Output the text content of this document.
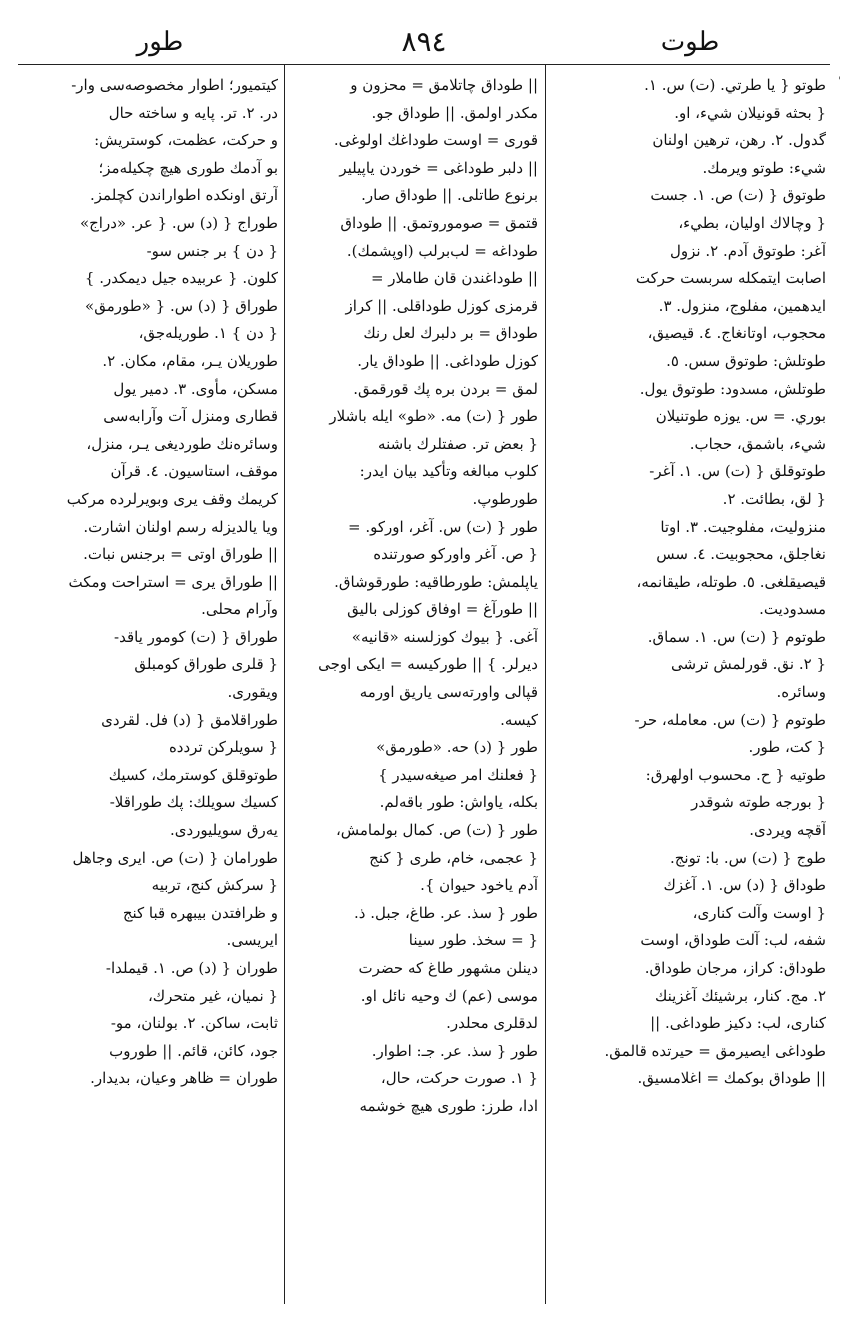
طور	٨٩٤	طوت
'
طوتو { يا طرتي. (ت) س. ١.
{ بحثه قونيلان شيء، او.
گدول. ٢. رهن، ترهين اولنان
شيء: طوتو ويرمك.
طوتوق { (ت) ص. ١. جست
{ وچالاك اوليان، بطيء،
آغر: طوتوق آدم. ٢. نزول
اصابت ايتمكله سربست حركت
ايدهمين، مفلوج، منزول. ٣.
محجوب، اوتانغاج. ٤. قيصيق،
طوتلش: طوتوق سس. ٥.
طوتلش، مسدود: طوتوق يول.
بوري. = س. يوزه طوتنيلان
شيء، باشمق، حجاب.
طوتوقلق { (ت) س. ١. آغر-
{ لق، بطائت. ٢.
منزوليت، مفلوجيت. ٣. اوتا
نغاجلق، محجوبيت. ٤. سس
قيصيقلغى. ٥. طوتله، طيقانمه،
مسدوديت.
طوتوم { (ت) س. ١. سماق.
{ ٢. نق. قورلمش ترشى
وسائره.
طوتوم { (ت) س. معامله، حر-
{ كت، طور.
طوتيه { ح. محسوب اولهرق:
{ بورجه طوته شوقدر
آقچه ويردى.
طوج { (ت) س. با: تونج.
طوداق { (د) س. ١. آغزك
{ اوست وآلت كنارى،
شفه، لب: آلت طوداق، اوست
طوداق: كراز، مرجان طوداق.
٢. مج. كنار، برشيئك آغزينك
كنارى، لب: دكيز طوداغى. ||
طوداغى ايصيرمق = حيرتده قالمق.
|| طوداق بوكمك = اغلامسيق.
|| طوداق چاتلامق = محزون و
مكدر اولمق. || طوداق جو.
قوری = اوست طوداغك اولوغى.
|| دلبر طوداغى = خوردن ياپيلير
برنوع طاتلى. || طوداق صار.
قتمق = صوموروتمق. || طوداق
طوداغه = لب‌برلب (اوپشمك).
|| طوداغندن قان طاملار =
قرمزى كوزل طوداقلى. || كراز
طوداق = بر دلبرك لعل رنك
كوزل طوداغى. || طوداق يار.
لمق = بردن بره پك قورقمق.
طور { (ت) مه. «طو» ايله باشلار
{ بعض تر. صفتلرك باشنه
كلوب مبالغه وتأكيد بيان ايدر:
طورطوپ.
طور { (ت) س. آغر، اوركو. =
{ ص. آغر واوركو صورتنده
ياپلمش: طورطاقيه: طورقوشاق.
|| طورآغ = اوفاق كوزلى باليق
آغى. { بيوك كوزلسنه «قانيه»
ديرلر. } || طوركيسه = ايكى اوجى
قپالى واورته‌سى ياريق اورمه
كيسه.
طور { (د) حه. «طورمق»
{ فعلنك امر صيغه‌سيدر }
بكله، ياواش: طور باقه‌لم.
طور { (ت) ص. كمال بولمامش،
{ عجمى، خام، طرى { كنج
آدم ياخود حيوان }.
طور { سذ. عر. طاغ، جبل. ذ.
{ = سخذ. طور سينا
دينلن مشهور طاغ كه حضرت
موسى (عم) ك وحيه نائل او.
لدقلرى محلدر.
طور { سذ. عر. جـ: اطوار.
{ ١. صورت حركت، حال،
ادا، طرز: طورى هيچ خوشمه
كيتميور؛ اطوار مخصوصه‌سى وار-
در. ٢. تر. پايه و ساخته حال
و حركت، عظمت، كوستريش:
بو آدمك طورى هيچ چكيله‌مز؛
آرتق اونكده اطواراندن كچلمز.
طوراج { (د) س. { عر. «دراج»
{ دن } بر جنس سو-
كلون. { عربيده جيل ديمكدر. }
طوراق { (د) س. { «طورمق»
{ دن } ١. طوريله‌جق،
طوريلان يـر، مقام، مكان. ٢.
مسكن، مأوى. ٣. دمير يول
قطارى ومنزل آت وآرابه‌سى
وسائره‌نك طورديغى يـر، منزل،
موقف، استاسيون. ٤. قرآن
كريمك وقف يرى وبويرلرده مركب
ويا يالديزله رسم اولنان اشارت.
|| طوراق اوتى = برجنس نبات.
|| طوراق يرى = استراحت ومكث
وآرام محلى.
طوراق { (ت) كومور ياقد-
{ قلرى طوراق كومبلق
ويقورى.
طوراقلامق { (د) فل. لقردى
{ سويلركن تردده
طوتوقلق كوسترمك، كسيك
كسيك سويلك: پك طوراقلا-
يه‌رق سويليوردى.
طورامان { (ت) ص. ايرى وجاهل
{ سركش كنج، تربيه
و ظرافتدن بيبهره قبا كنج
ايريسى.
طوران { (د) ص. ١. قيملدا-
{ نميان، غير متحرك،
ثابت، ساكن. ٢. بولنان، مو-
جود، كائن، قائم. || طوروب
طوران = ظاهر وعيان، بديدار.
